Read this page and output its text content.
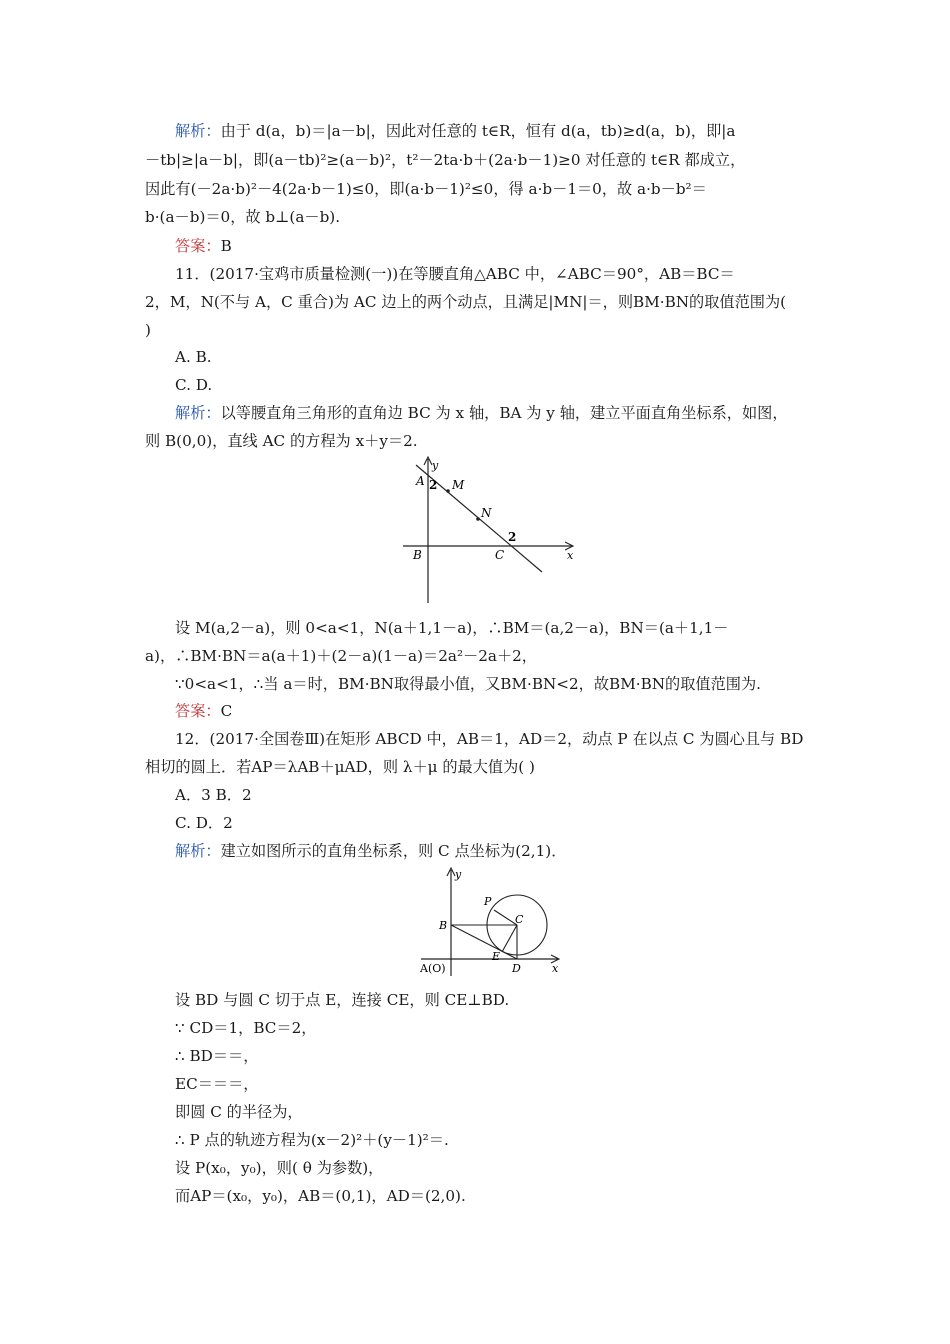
解析：由于 d(a，b)＝|a－b|，因此对任意的 t∈R，恒有 d(a，tb)≥d(a，b)，即|a
－tb|≥|a－b|，即(a－tb)²≥(a－b)²，t²－2ta·b＋(2a·b－1)≥0 对任意的 t∈R 都成立，
因此有(－2a·b)²－4(2a·b－1)≤0，即(a·b－1)²≤0，得 a·b－1＝0，故 a·b－b²＝
b·(a－b)＝0，故 b⊥(a－b).
答案：B
11．(2017·宝鸡市质量检测(一))在等腰直角△ABC 中，∠ABC＝90°，AB＝BC＝
2，M，N(不与 A，C 重合)为 AC 边上的两个动点，且满足|MN|＝，则BM·BN的取值范围为(
)
A. B.
C. D.
解析：以等腰直角三角形的直角边 BC 为 x 轴，BA 为 y 轴，建立平面直角坐标系，如图，
则 B(0,0)，直线 AC 的方程为 x＋y＝2.
y
A 2 M
N
2
B	C	x
设 M(a,2－a)，则 0<a<1，N(a＋1,1－a)，∴BM＝(a,2－a)，BN＝(a＋1,1－
a)，∴BM·BN＝a(a＋1)＋(2－a)(1－a)＝2a²－2a＋2，
∵0<a<1，∴当 a＝时，BM·BN取得最小值，又BM·BN<2，故BM·BN的取值范围为.
答案：C
12．(2017·全国卷Ⅲ)在矩形 ABCD 中，AB＝1，AD＝2，动点 P 在以点 C 为圆心且与 BD
相切的圆上．若AP＝λAB＋μAD，则 λ＋μ 的最大值为( )
A．3 B．2
C. D．2
解析：建立如图所示的直角坐标系，则 C 点坐标为(2,1)．
y
P
C
B
E
A(O)	D	x
设 BD 与圆 C 切于点 E，连接 CE，则 CE⊥BD.
∵ CD＝1，BC＝2，
∴ BD＝＝，
EC＝＝＝，
即圆 C 的半径为，
∴ P 点的轨迹方程为(x－2)²＋(y－1)²＝.
设 P(x₀，y₀)，则( θ 为参数)，
而AP＝(x₀，y₀)，AB＝(0,1)，AD＝(2,0).
